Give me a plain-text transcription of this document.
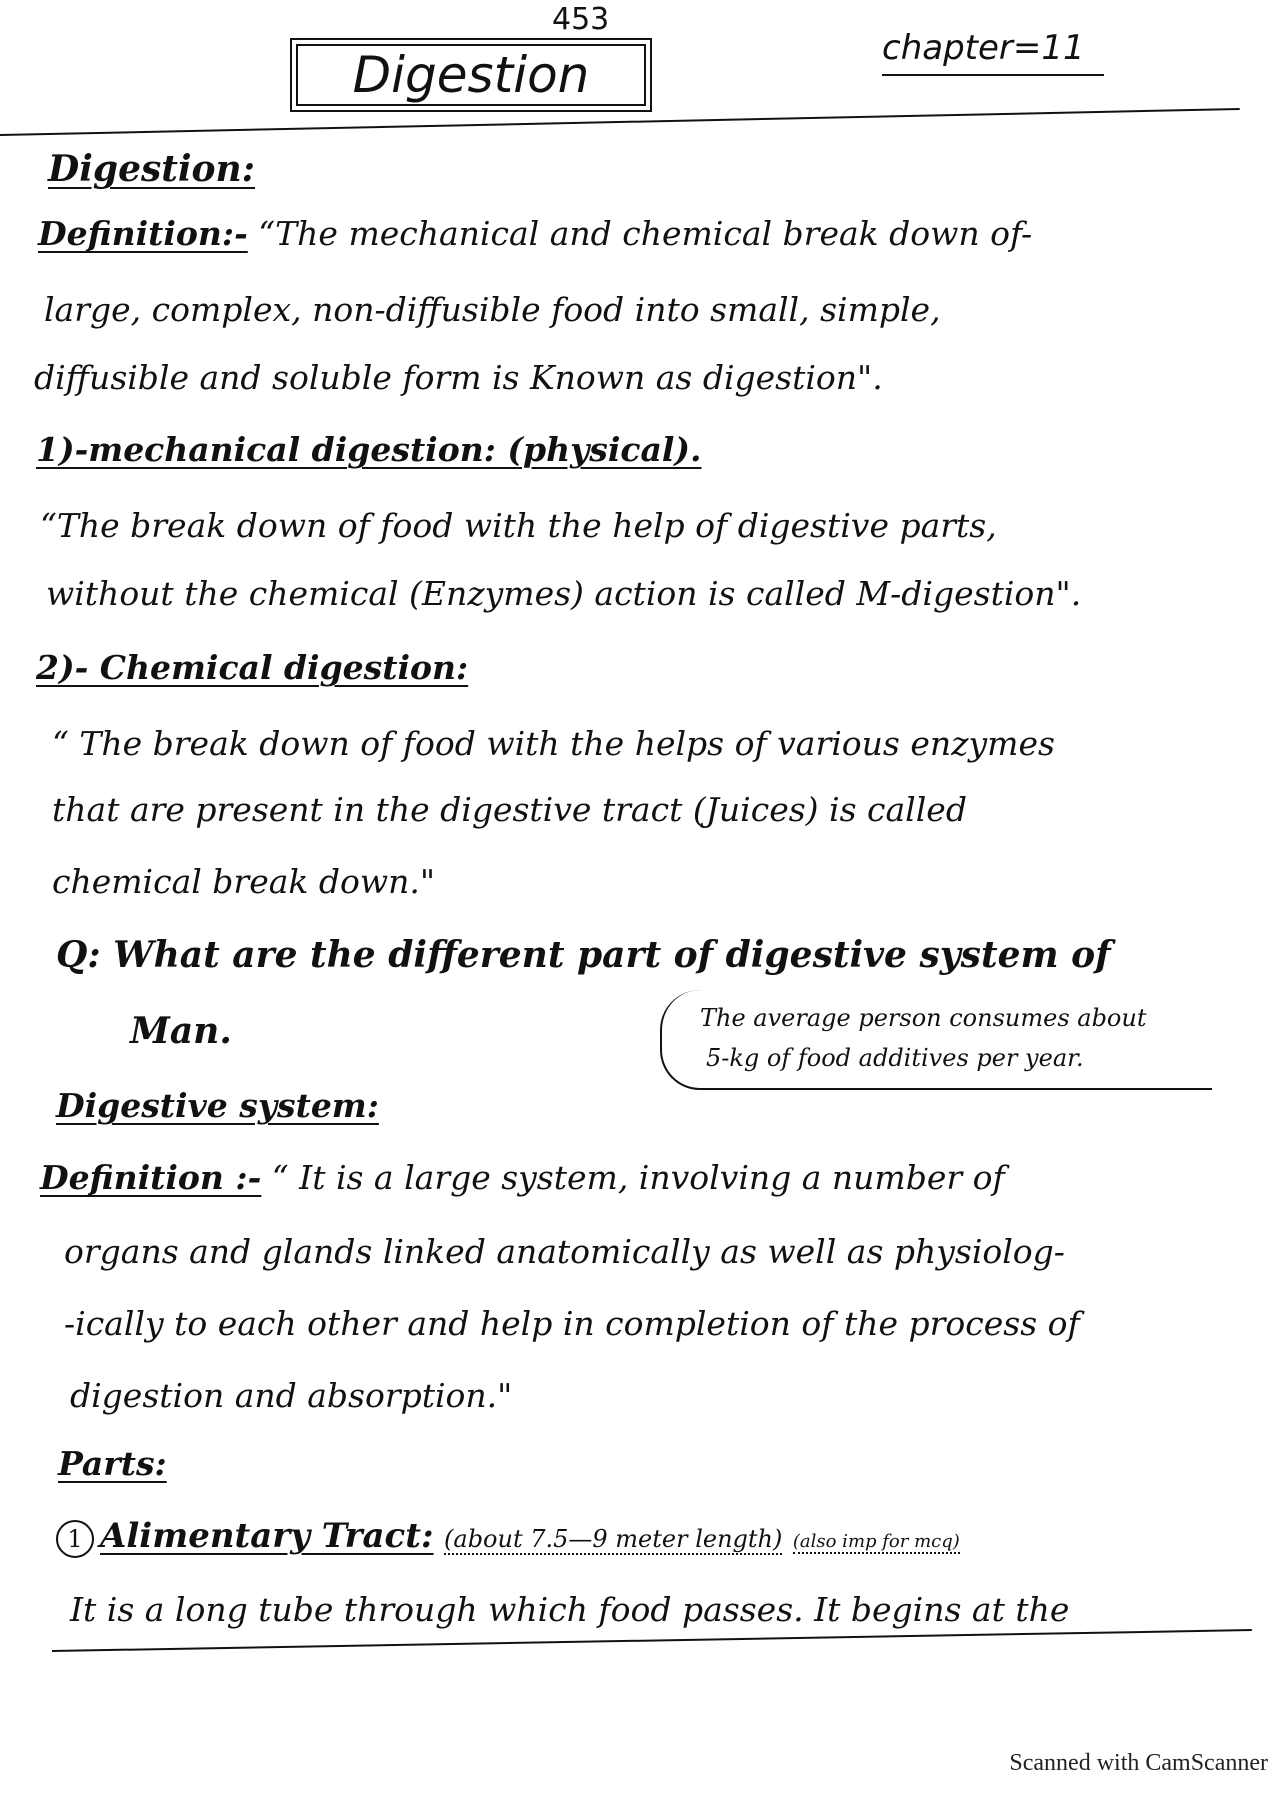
453
Digestion	chapter=11
Digestion:
Definition:- “The mechanical and chemical break down of-
large, complex, non-diffusible food into small, simple,
diffusible and soluble form is Known as digestion".
1)-mechanical digestion: (physical).
“The break down of food with the help of digestive parts,
without the chemical (Enzymes) action is called M-digestion".
2)- Chemical digestion:
“ The break down of food with the helps of various enzymes
that are present in the digestive tract (Juices) is called
chemical break down."
Q: What are the different part of digestive system of
Man.	The average person consumes about
5-kg of food additives per year.
Digestive system:
Definition :- “ It is a large system, involving a number of
organs and glands linked anatomically as well as physiolog-
-ically to each other and help in completion of the process of
digestion and absorption."
Parts:
1 Alimentary Tract: (about 7.5—9 meter length) (also imp for mcq)
It is a long tube through which food passes. It begins at the
Scanned with CamScanner
